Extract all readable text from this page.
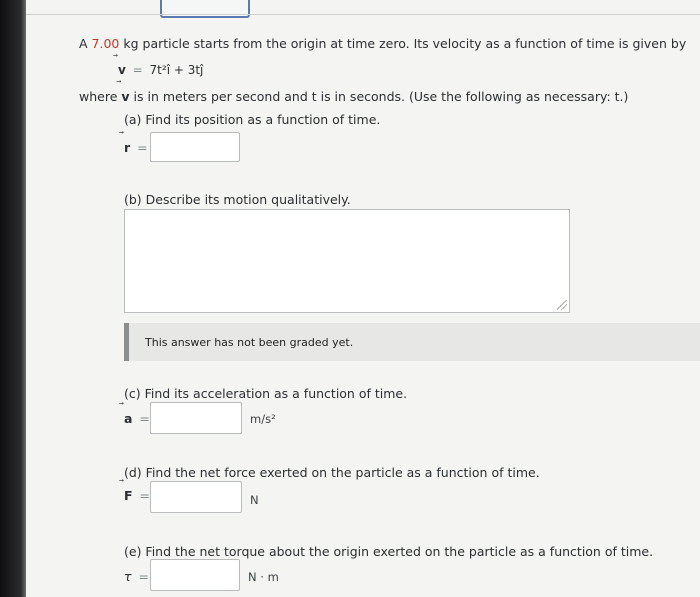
A 7.00 kg particle starts from the origin at time zero. Its velocity as a function of time is given by
v = 7t²î + 3tĵ
where v is in meters per second and t is in seconds. (Use the following as necessary: t.)
(a) Find its position as a function of time.
r =
(b) Describe its motion qualitatively.
This answer has not been graded yet.
(c) Find its acceleration as a function of time.
a =	m/s²
(d) Find the net force exerted on the particle as a function of time.
F =	N
(e) Find the net torque about the origin exerted on the particle as a function of time.
τ =	N · m
